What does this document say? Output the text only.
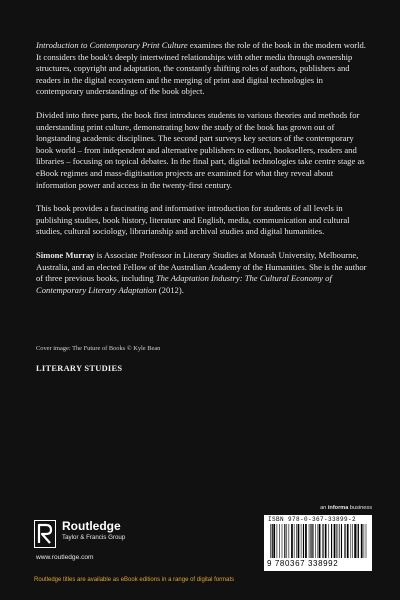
Introduction to Contemporary Print Culture examines the role of the book in the modern world. It considers the book's deeply intertwined relationships with other media through ownership structures, copyright and adaptation, the constantly shifting roles of authors, publishers and readers in the digital ecosystem and the merging of print and digital technologies in contemporary understandings of the book object.

Divided into three parts, the book first introduces students to various theories and methods for understanding print culture, demonstrating how the study of the book has grown out of longstanding academic disciplines. The second part surveys key sectors of the contemporary book world – from independent and alternative publishers to editors, booksellers, readers and libraries – focusing on topical debates. In the final part, digital technologies take centre stage as eBook regimes and mass-digitisation projects are examined for what they reveal about information power and access in the twenty-first century.

This book provides a fascinating and informative introduction for students of all levels in publishing studies, book history, literature and English, media, communication and cultural studies, cultural sociology, librarianship and archival studies and digital humanities.

Simone Murray is Associate Professor in Literary Studies at Monash University, Melbourne, Australia, and an elected Fellow of the Australian Academy of the Humanities. She is the author of three previous books, including The Adaptation Industry: The Cultural Economy of Contemporary Literary Adaptation (2012).

Cover image: The Future of Books © Kyle Bean
LITERARY STUDIES
Routledge
Taylor & Francis Group
www.routledge.com
Routledge titles are available as eBook editions in a range of digital formats
an informa business
ISBN 978-0-367-33899-2
9 780367 338992
